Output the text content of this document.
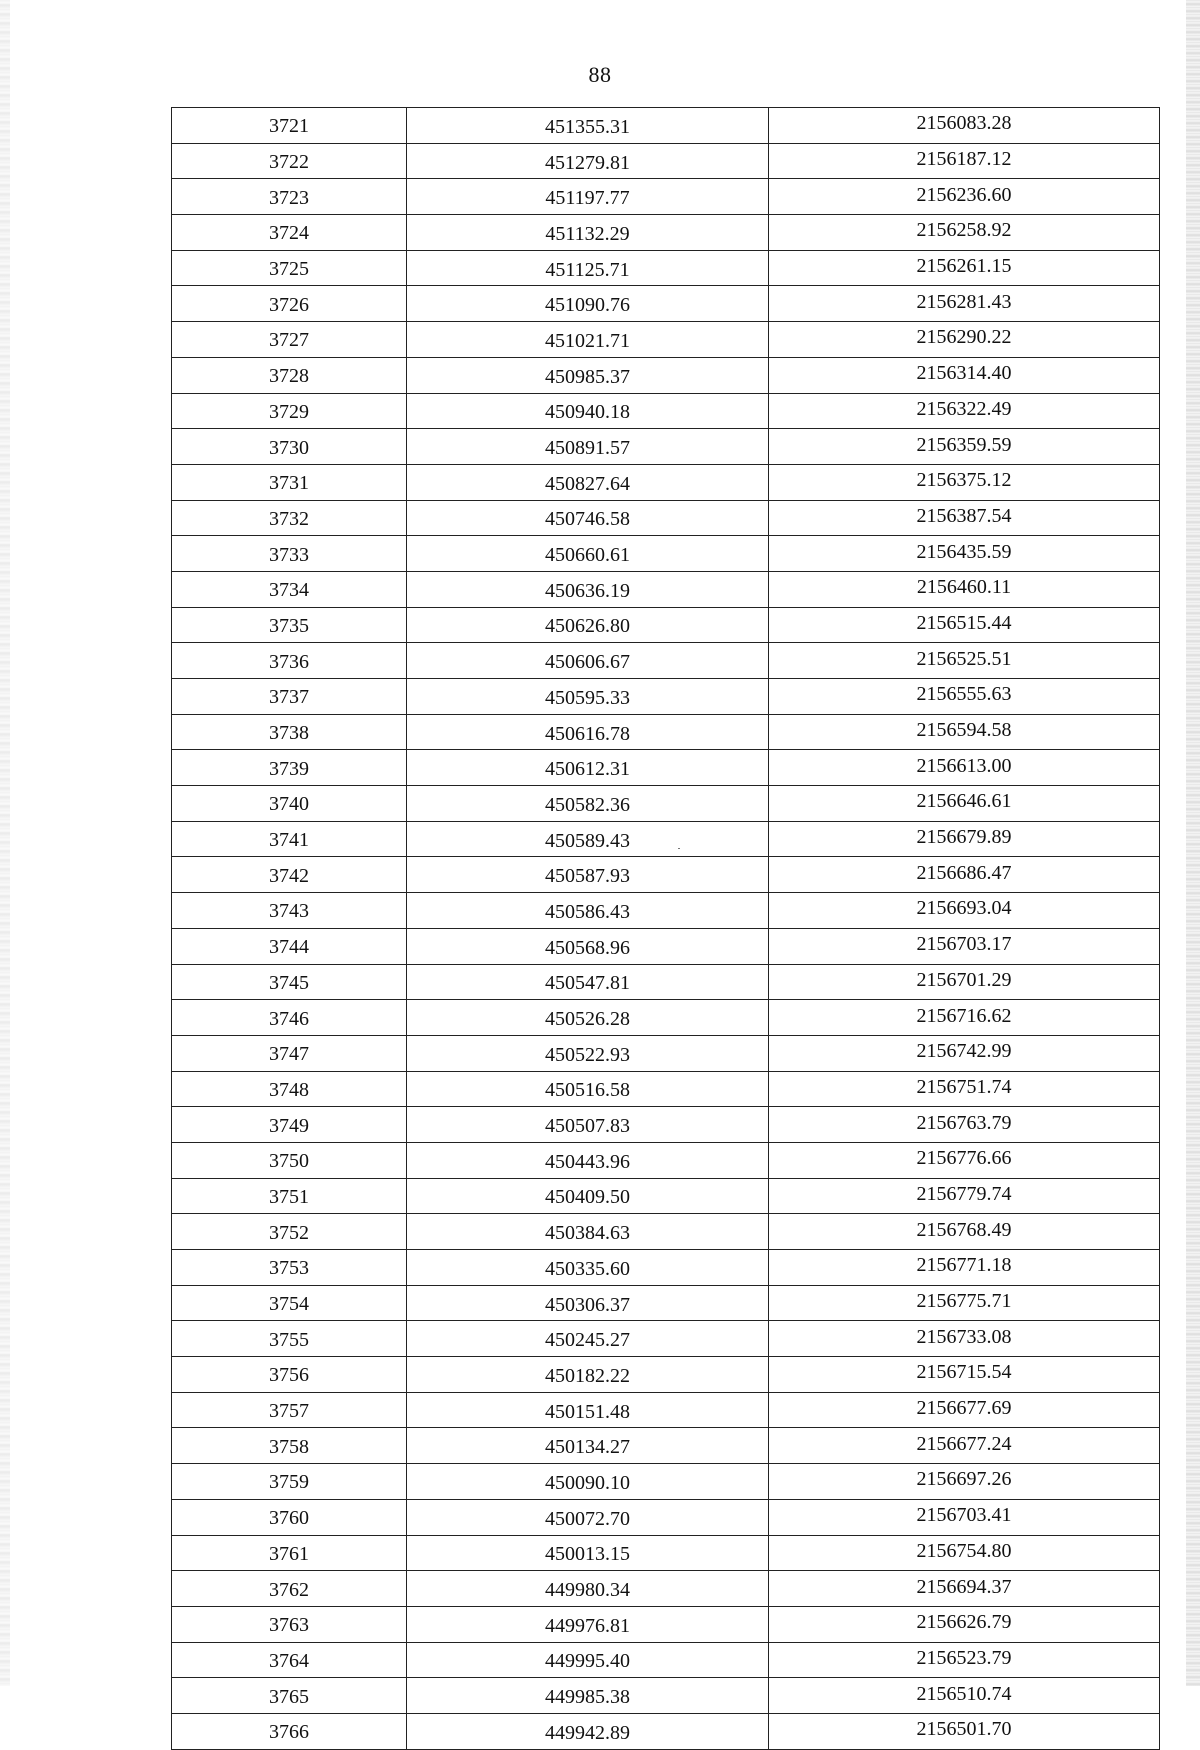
88
3721	451355.31	2156083.28
3722	451279.81	2156187.12
3723	451197.77	2156236.60
3724	451132.29	2156258.92
3725	451125.71	2156261.15
3726	451090.76	2156281.43
3727	451021.71	2156290.22
3728	450985.37	2156314.40
3729	450940.18	2156322.49
3730	450891.57	2156359.59
3731	450827.64	2156375.12
3732	450746.58	2156387.54
3733	450660.61	2156435.59
3734	450636.19	2156460.11
3735	450626.80	2156515.44
3736	450606.67	2156525.51
3737	450595.33	2156555.63
3738	450616.78	2156594.58
3739	450612.31	2156613.00
3740	450582.36	2156646.61
3741	450589.43	2156679.89
3742	450587.93	2156686.47
3743	450586.43	2156693.04
3744	450568.96	2156703.17
3745	450547.81	2156701.29
3746	450526.28	2156716.62
3747	450522.93	2156742.99
3748	450516.58	2156751.74
3749	450507.83	2156763.79
3750	450443.96	2156776.66
3751	450409.50	2156779.74
3752	450384.63	2156768.49
3753	450335.60	2156771.18
3754	450306.37	2156775.71
3755	450245.27	2156733.08
3756	450182.22	2156715.54
3757	450151.48	2156677.69
3758	450134.27	2156677.24
3759	450090.10	2156697.26
3760	450072.70	2156703.41
3761	450013.15	2156754.80
3762	449980.34	2156694.37
3763	449976.81	2156626.79
3764	449995.40	2156523.79
3765	449985.38	2156510.74
3766	449942.89	2156501.70
